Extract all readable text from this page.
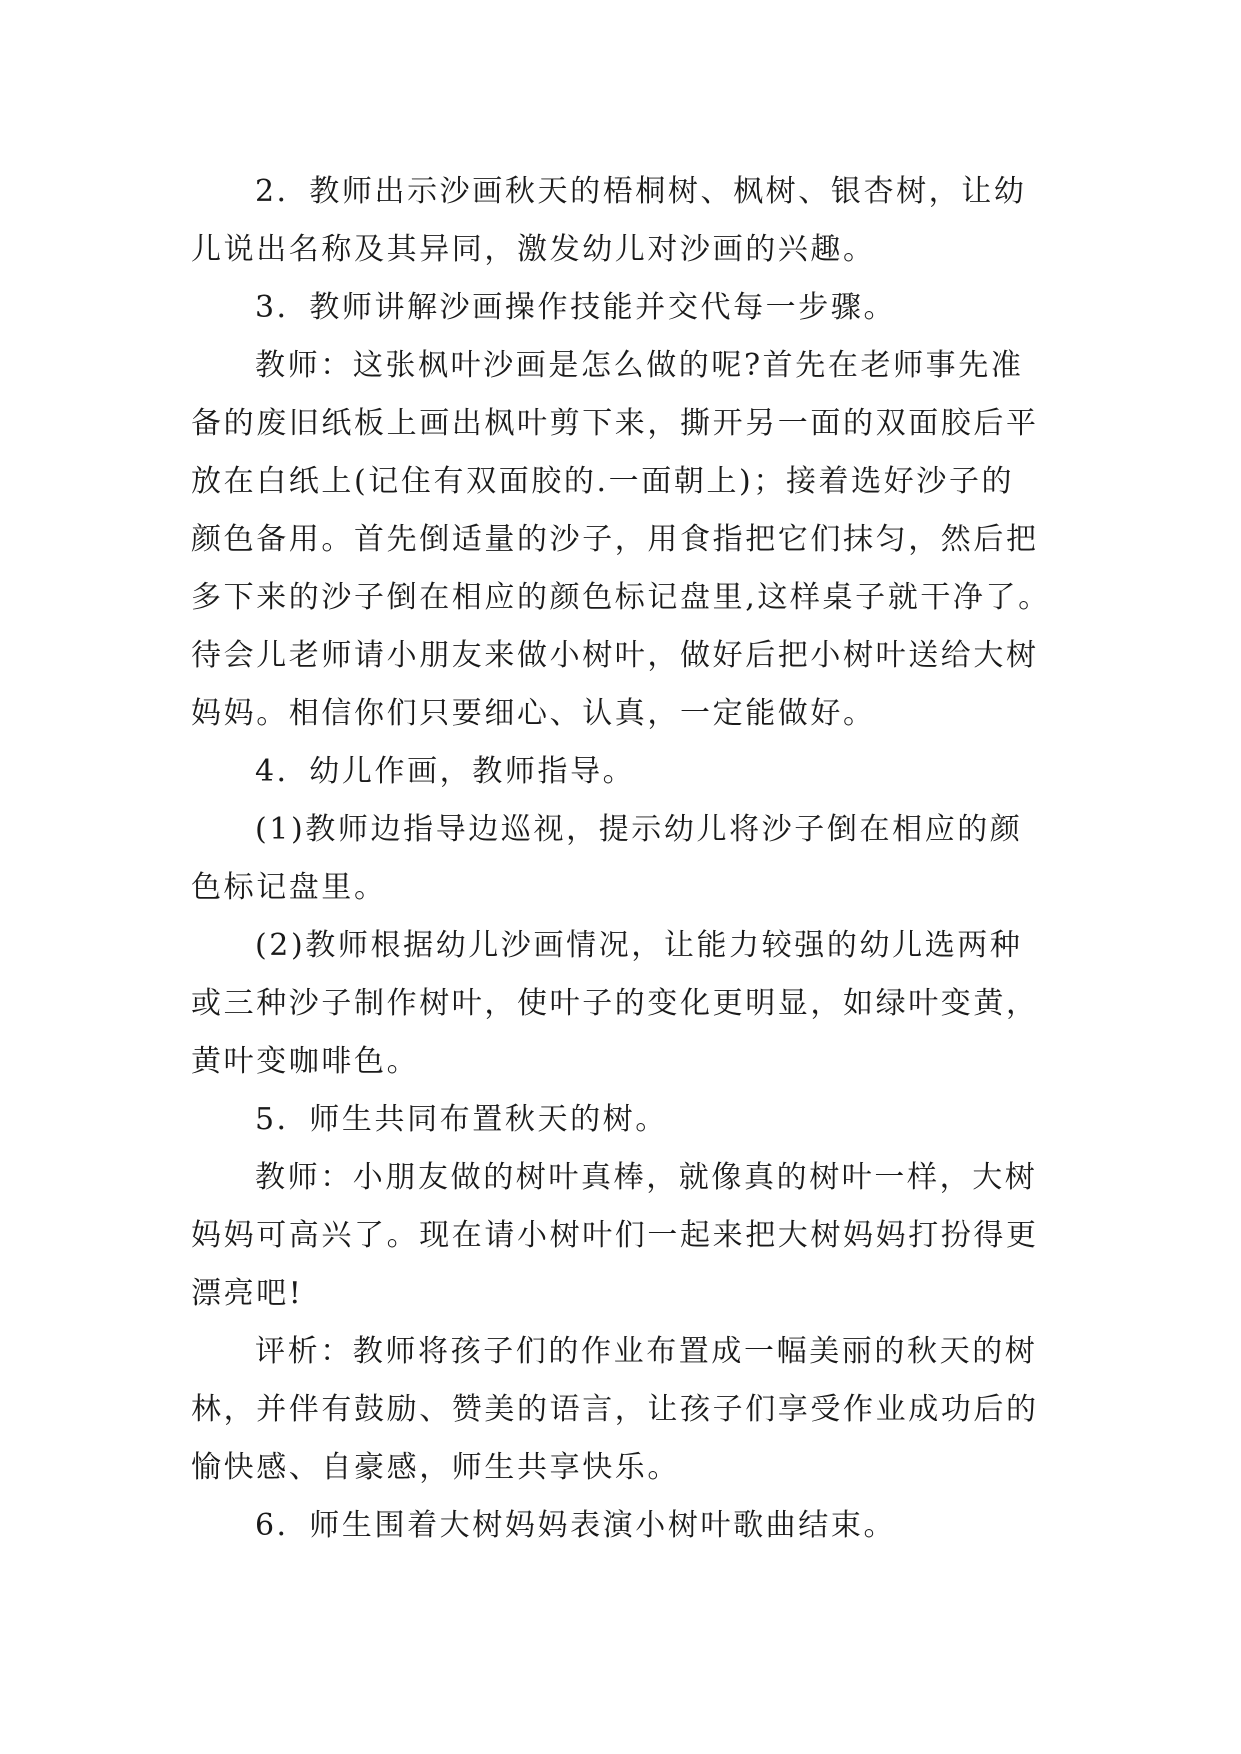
2．教师出示沙画秋天的梧桐树、枫树、银杏树，让幼
儿说出名称及其异同，激发幼儿对沙画的兴趣。

3．教师讲解沙画操作技能并交代每一步骤。

教师：这张枫叶沙画是怎么做的呢?首先在老师事先准
备的废旧纸板上画出枫叶剪下来，撕开另一面的双面胶后平
放在白纸上(记住有双面胶的.一面朝上)；接着选好沙子的
颜色备用。首先倒适量的沙子，用食指把它们抹匀，然后把
多下来的沙子倒在相应的颜色标记盘里,这样桌子就干净了。
待会儿老师请小朋友来做小树叶，做好后把小树叶送给大树
妈妈。相信你们只要细心、认真，一定能做好。

4．幼儿作画，教师指导。

(1)教师边指导边巡视，提示幼儿将沙子倒在相应的颜
色标记盘里。

(2)教师根据幼儿沙画情况，让能力较强的幼儿选两种
或三种沙子制作树叶，使叶子的变化更明显，如绿叶变黄，
黄叶变咖啡色。

5．师生共同布置秋天的树。

教师：小朋友做的树叶真棒，就像真的树叶一样，大树
妈妈可高兴了。现在请小树叶们一起来把大树妈妈打扮得更
漂亮吧!

评析：教师将孩子们的作业布置成一幅美丽的秋天的树
林，并伴有鼓励、赞美的语言，让孩子们享受作业成功后的
愉快感、自豪感，师生共享快乐。

6．师生围着大树妈妈表演小树叶歌曲结束。
